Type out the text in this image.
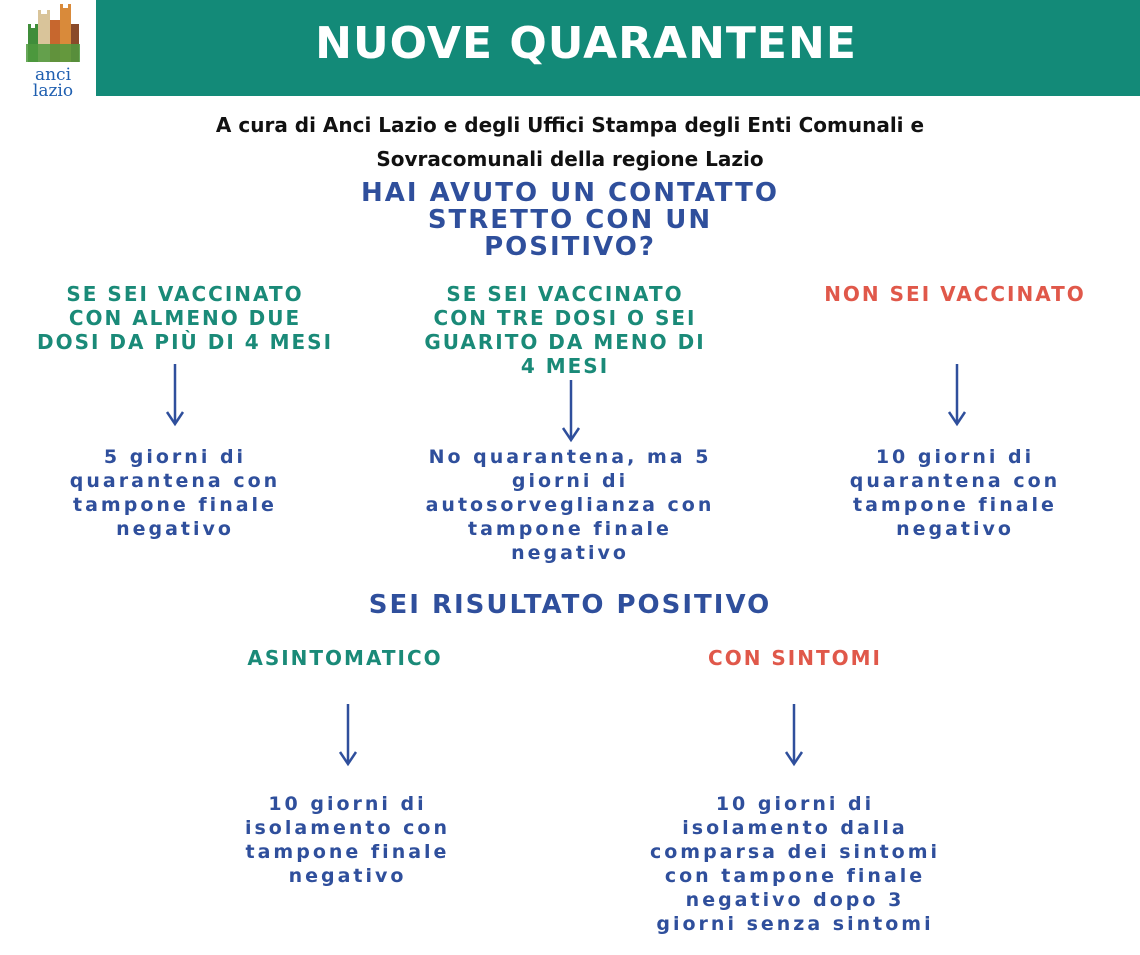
anci
lazio
NUOVE QUARANTENE
A cura di Anci Lazio e degli Uffici Stampa degli Enti Comunali e
Sovracomunali della regione Lazio
HAI AVUTO UN CONTATTO
STRETTO CON UN
POSITIVO?
SE SEI VACCINATO
CON ALMENO DUE
DOSI DA PIÙ DI 4 MESI
5 giorni di
quarantena con
tampone finale
negativo
SE SEI VACCINATO
CON TRE DOSI O SEI
GUARITO DA MENO DI
4 MESI
No quarantena, ma 5
giorni di
autosorveglianza con
tampone finale
negativo
NON SEI VACCINATO
10 giorni di
quarantena con
tampone finale
negativo
SEI RISULTATO POSITIVO
ASINTOMATICO
10 giorni di
isolamento con
tampone finale
negativo
CON SINTOMI
10 giorni di
isolamento dalla
comparsa dei sintomi
con tampone finale
negativo dopo 3
giorni senza sintomi
